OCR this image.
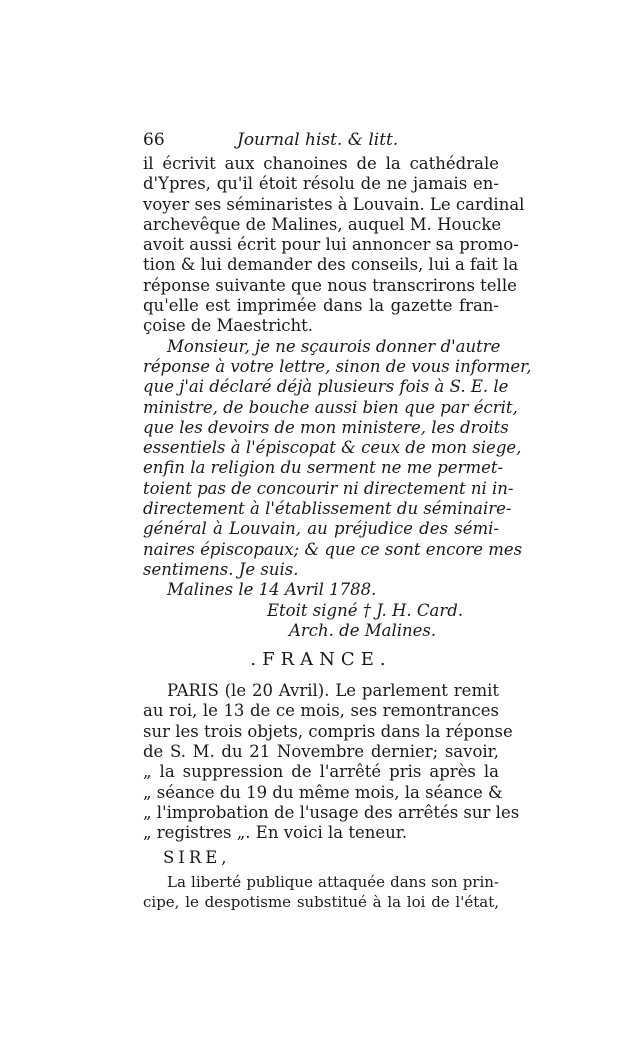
66	Journal hist. & litt.
il écrivit aux chanoines de la cathédrale
d'Ypres, qu'il étoit résolu de ne jamais en-
voyer ses séminaristes à Louvain. Le cardinal
archevêque de Malines, auquel M. Houcke
avoit aussi écrit pour lui annoncer sa promo-
tion & lui demander des conseils, lui a fait la
réponse suivante que nous transcrirons telle
qu'elle est imprimée dans la gazette fran-
çoise de Maestricht.
Monsieur, je ne sçaurois donner d'autre
réponse à votre lettre, sinon de vous informer,
que j'ai déclaré déjà plusieurs fois à S. E. le
ministre, de bouche aussi bien que par écrit,
que les devoirs de mon ministere, les droits
essentiels à l'épiscopat & ceux de mon siege,
enfin la religion du serment ne me permet-
toient pas de concourir ni directement ni in-
directement à l'établissement du séminaire-
général à Louvain, au préjudice des sémi-
naires épiscopaux; & que ce sont encore mes
sentimens. Je suis.
Malines le 14 Avril 1788.
Etoit signé † J. H. Card.
Arch. de Malines.
.FRANCE.
PARIS (le 20 Avril). Le parlement remit
au roi, le 13 de ce mois, ses remontrances
sur les trois objets, compris dans la réponse
de S. M. du 21 Novembre dernier; savoir,
„ la suppression de l'arrêté pris après la
„ séance du 19 du même mois, la séance &
„ l'improbation de l'usage des arrêtés sur les
„ registres „. En voici la teneur.
SIRE,
La liberté publique attaquée dans son prin-
cipe, le despotisme substitué à la loi de l'état,
